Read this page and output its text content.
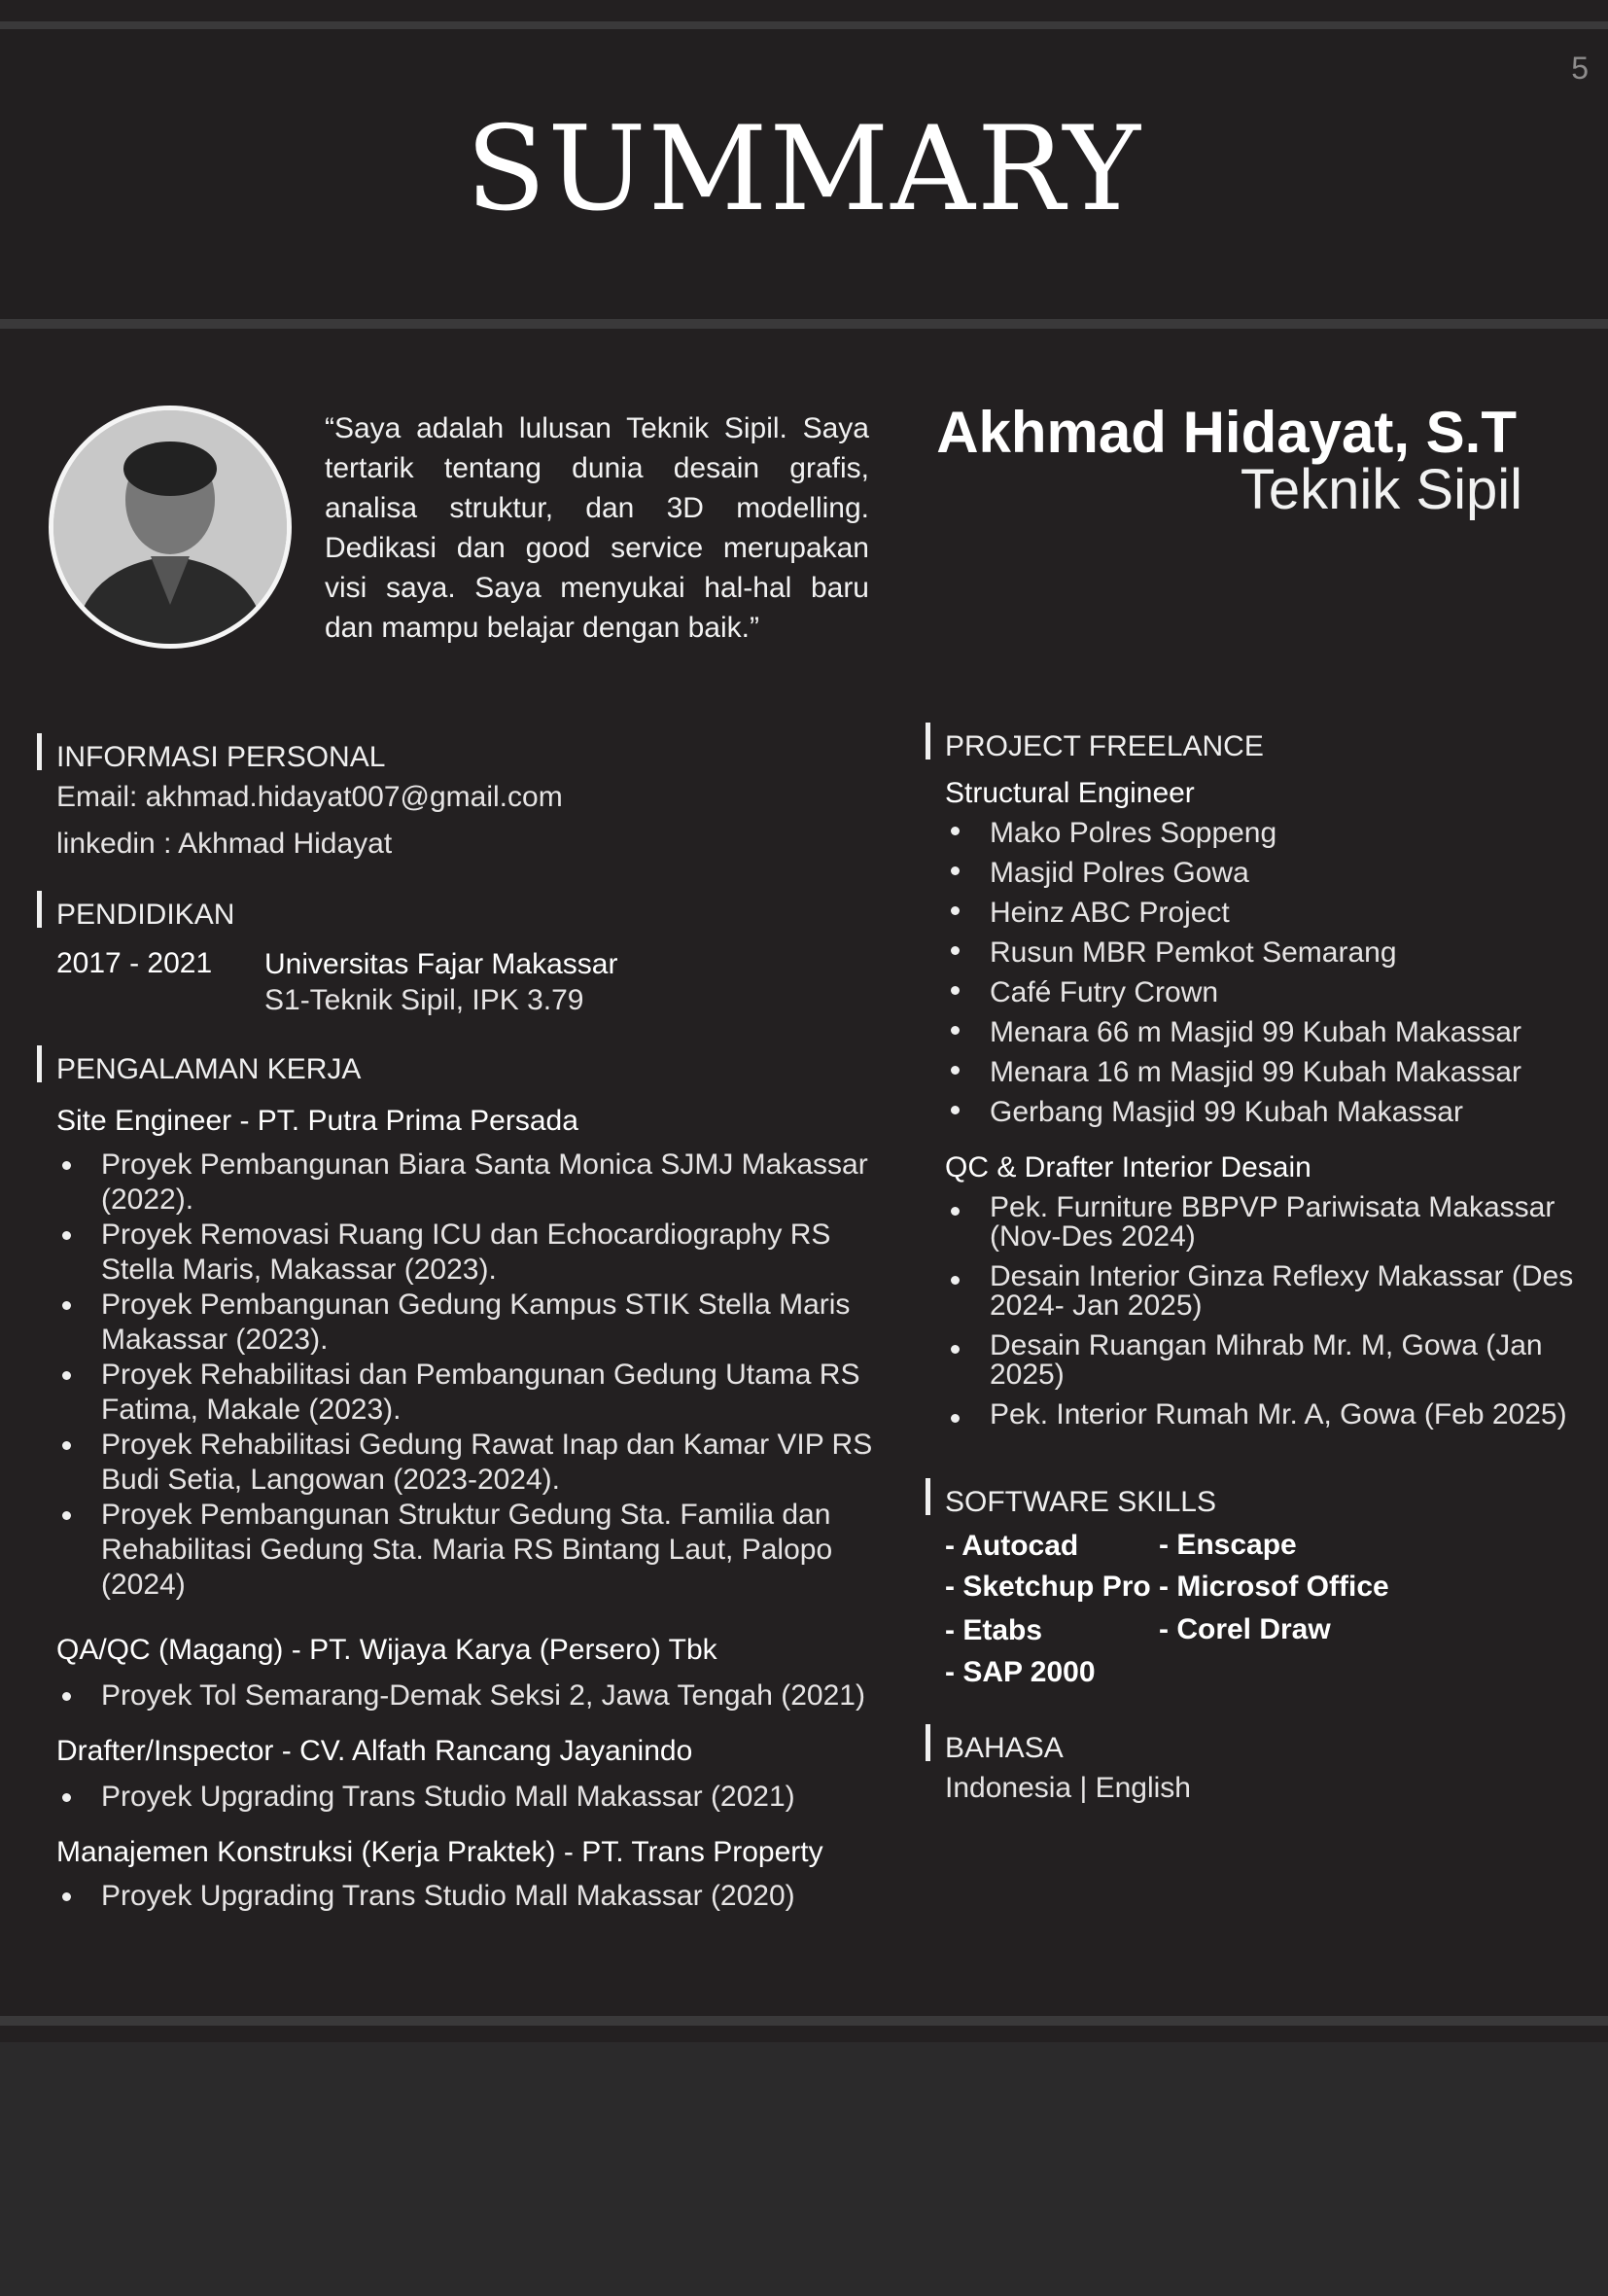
5
SUMMARY
“Saya adalah lulusan Teknik Sipil. Saya tertarik tentang dunia desain grafis, analisa struktur, dan 3D modelling. Dedikasi dan good service merupakan visi saya. Saya menyukai hal-hal baru dan mampu belajar dengan baik.”
Akhmad Hidayat, S.T
Teknik Sipil
INFORMASI PERSONAL
Email: akhmad.hidayat007@gmail.com
linkedin : Akhmad Hidayat
PENDIDIKAN
2017 - 2021 Universitas Fajar Makassar
S1-Teknik Sipil, IPK 3.79
PENGALAMAN KERJA
Site Engineer - PT. Putra Prima Persada
Proyek Pembangunan Biara Santa Monica SJMJ Makassar
(2022).
Proyek Removasi Ruang ICU dan Echocardiography RS
Stella Maris, Makassar (2023).
Proyek Pembangunan Gedung Kampus STIK Stella Maris
Makassar (2023).
Proyek Rehabilitasi dan Pembangunan Gedung Utama RS
Fatima, Makale (2023).
Proyek Rehabilitasi Gedung Rawat Inap dan Kamar VIP RS
Budi Setia, Langowan (2023-2024).
Proyek Pembangunan Struktur Gedung Sta. Familia dan
Rehabilitasi Gedung Sta. Maria RS Bintang Laut, Palopo
(2024)
QA/QC (Magang) - PT. Wijaya Karya (Persero) Tbk
Proyek Tol Semarang-Demak Seksi 2, Jawa Tengah (2021)
Drafter/Inspector - CV. Alfath Rancang Jayanindo
Proyek Upgrading Trans Studio Mall Makassar (2021)
Manajemen Konstruksi (Kerja Praktek) - PT. Trans Property
Proyek Upgrading Trans Studio Mall Makassar (2020)
PROJECT FREELANCE
Structural Engineer
Mako Polres Soppeng
Masjid Polres Gowa
Heinz ABC Project
Rusun MBR Pemkot Semarang
Café Futry Crown
Menara 66 m Masjid 99 Kubah Makassar
Menara 16 m Masjid 99 Kubah Makassar
Gerbang Masjid 99 Kubah Makassar
QC & Drafter Interior Desain
Pek. Furniture BBPVP Pariwisata Makassar
(Nov-Des 2024)
Desain Interior Ginza Reflexy Makassar (Des
2024- Jan 2025)
Desain Ruangan Mihrab Mr. M, Gowa (Jan
2025)
Pek. Interior Rumah Mr. A, Gowa (Feb 2025)
SOFTWARE SKILLS
- Autocad
- Sketchup Pro
- Etabs
- SAP 2000
- Enscape
- Microsof Office
- Corel Draw
BAHASA
Indonesia | English
